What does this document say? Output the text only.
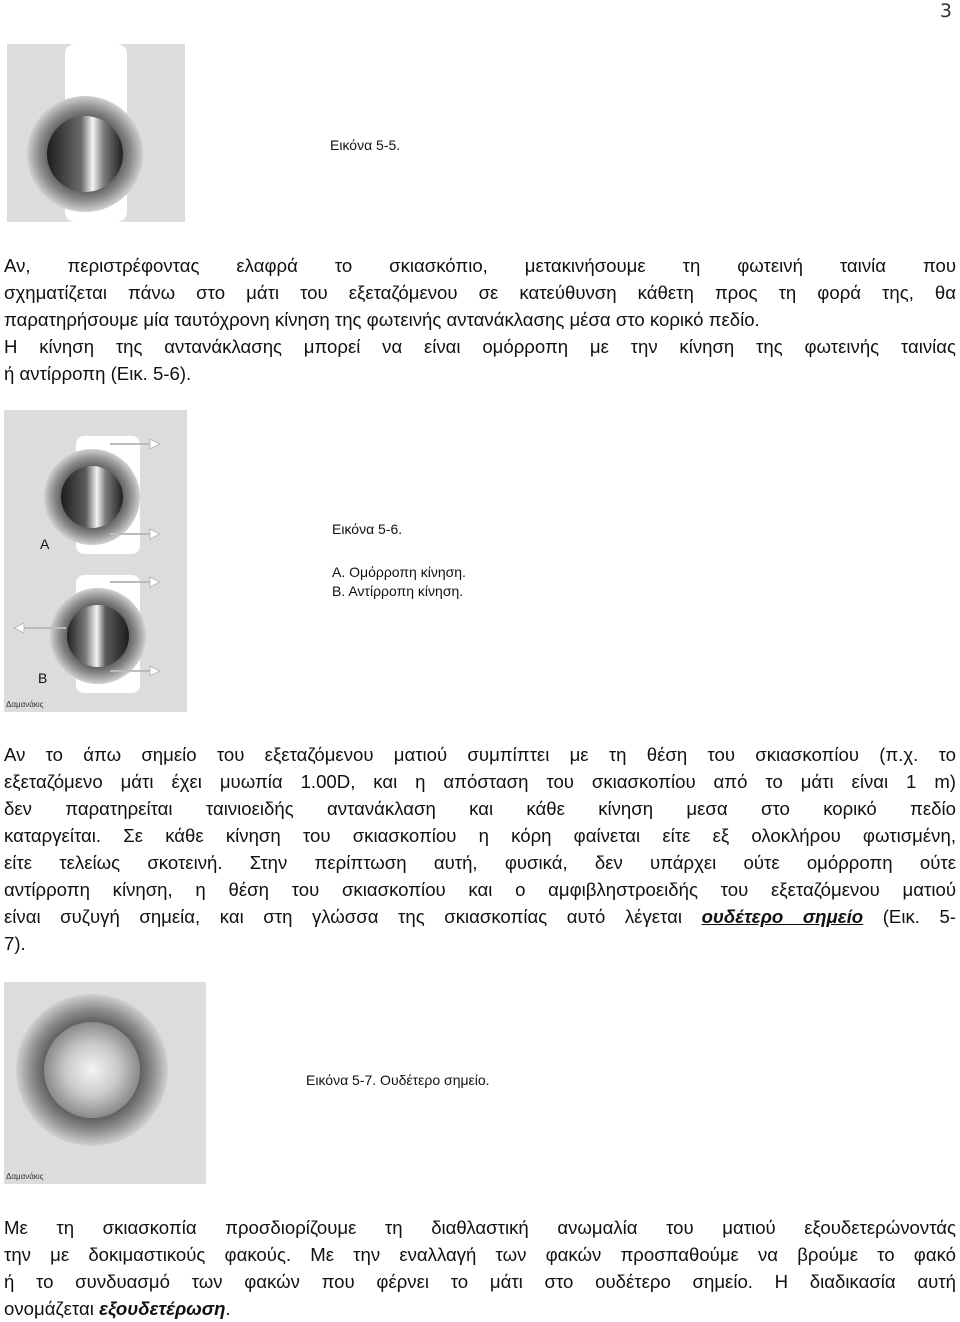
3
Εικόνα 5-5.
Αν, περιστρέφοντας ελαφρά το σκιασκόπιο, μετακινήσουμε τη φωτεινή ταινία που
σχηματίζεται πάνω στο μάτι του εξεταζόμενου σε κατεύθυνση κάθετη προς τη φορά της, θα
παρατηρήσουμε μία ταυτόχρονη κίνηση της φωτεινής αντανάκλασης μέσα στο κορικό πεδίο.
Η κίνηση της αντανάκλασης μπορεί να είναι ομόρροπη με την κίνηση της φωτεινής ταινίας
ή αντίρροπη (Εικ. 5-6).
Α
Β
Δαμανάκις
Εικόνα 5-6.
Α. Ομόρροπη κίνηση.
Β. Αντίρροπη κίνηση.
Αν το άπω σημείο του εξεταζόμενου ματιού συμπίπτει με τη θέση του σκιασκοπίου (π.χ. το
εξεταζόμενο μάτι έχει μυωπία 1.00D, και η απόσταση του σκιασκοπίου από το μάτι είναι 1 m)
δεν παρατηρείται ταινιοειδής αντανάκλαση και κάθε κίνηση μεσα στο κορικό πεδίο
καταργείται. Σε κάθε κίνηση του σκιασκοπίου η κόρη φαίνεται είτε εξ ολοκλήρου φωτισμένη,
είτε τελείως σκοτεινή. Στην περίπτωση αυτή, φυσικά, δεν υπάρχει ούτε ομόρροπη ούτε
αντίρροπη κίνηση, η θέση του σκιασκοπίου και ο αμφιβληστροειδής του εξεταζόμενου ματιού
είναι συζυγή σημεία, και στη γλώσσα της σκιασκοπίας αυτό λέγεται ουδέτερο σημείο (Εικ. 5-
7).
Δαμανάκις
Εικόνα 5-7. Ουδέτερο σημείο.
Με τη σκιασκοπία προσδιορίζουμε τη διαθλαστική ανωμαλία του ματιού εξουδετερώνοντάς
την με δοκιμαστικούς φακούς. Με την εναλλαγή των φακών προσπαθούμε να βρούμε το φακό
ή το συνδυασμό των φακών που φέρνει το μάτι στο ουδέτερο σημείο. Η διαδικασία αυτή
ονομάζεται εξουδετέρωση.
